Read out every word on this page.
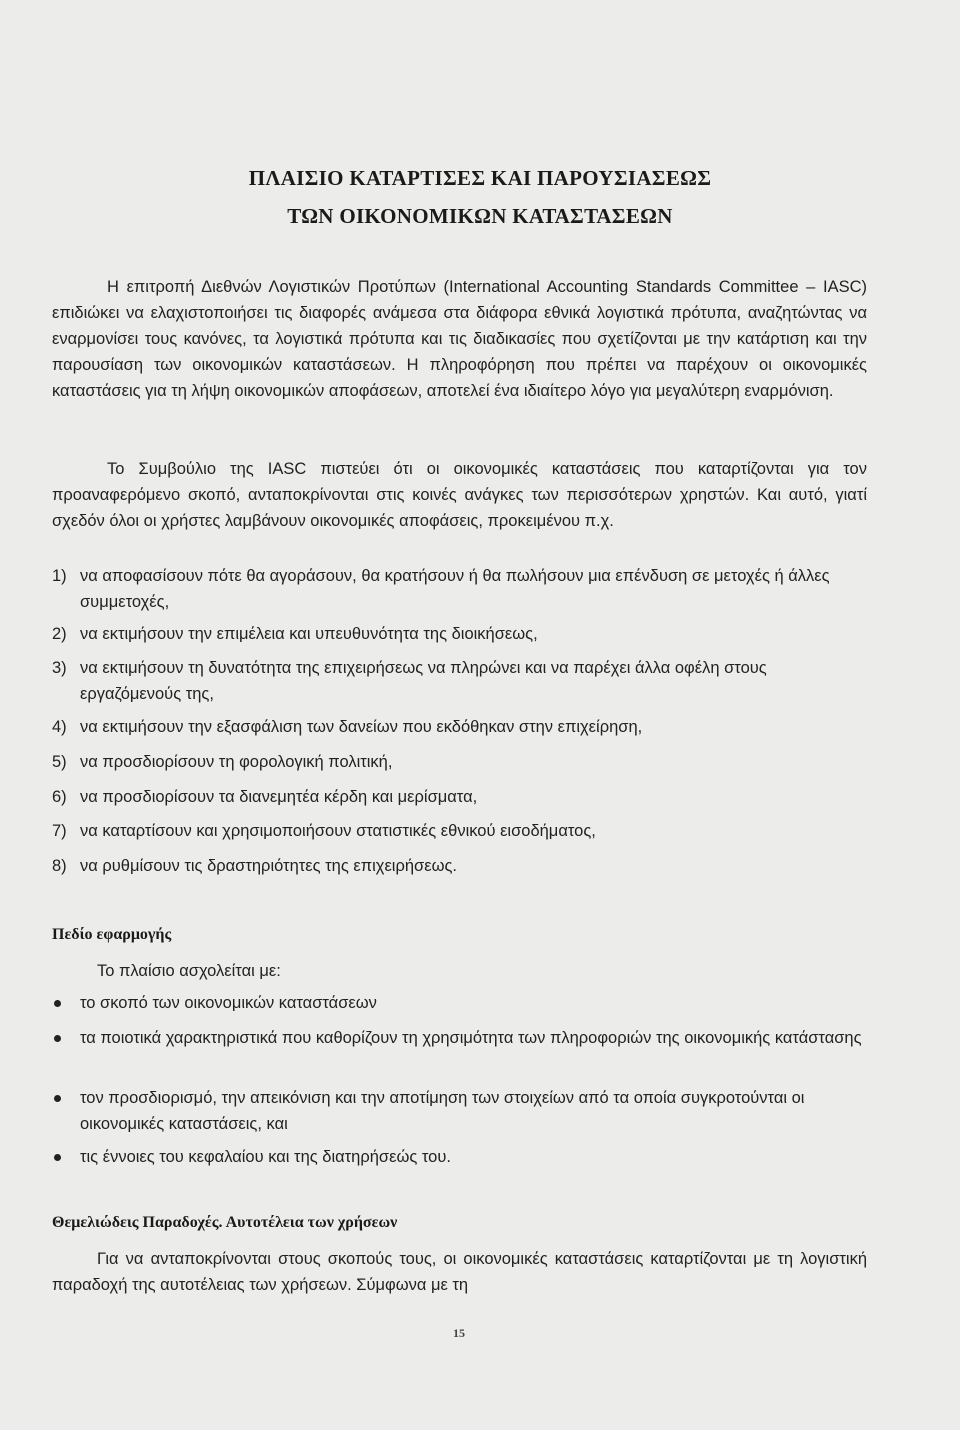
ΠΛΑΙΣΙΟ ΚΑΤΑΡΤΙΣΕΣ ΚΑΙ ΠΑΡΟΥΣΙΑΣΕΩΣ
ΤΩΝ ΟΙΚΟΝΟΜΙΚΩΝ ΚΑΤΑΣΤΑΣΕΩΝ
Η επιτροπή Διεθνών Λογιστικών Προτύπων (International Accounting Standards Committee – IASC) επιδιώκει να ελαχιστοποιήσει τις διαφορές ανάμεσα στα διάφορα εθνικά λογιστικά πρότυπα, αναζητώντας να εναρμονίσει τους κανόνες, τα λογιστικά πρότυπα και τις διαδικασίες που σχετίζονται με την κατάρτιση και την παρουσίαση των οικονομικών καταστάσεων. Η πληροφόρηση που πρέπει να παρέχουν οι οικονομικές καταστάσεις για τη λήψη οικονομικών αποφάσεων, αποτελεί ένα ιδιαίτερο λόγο για μεγαλύτερη εναρμόνιση.
Το Συμβούλιο της IASC πιστεύει ότι οι οικονομικές καταστάσεις που καταρτίζονται για τον προαναφερόμενο σκοπό, ανταποκρίνονται στις κοινές ανάγκες των περισσότερων χρηστών. Και αυτό, γιατί σχεδόν όλοι οι χρήστες λαμβάνουν οικονομικές αποφάσεις, προκειμένου π.χ.
1) να αποφασίσουν πότε θα αγοράσουν, θα κρατήσουν ή θα πωλήσουν μια επένδυση σε μετοχές ή άλλες συμμετοχές,
2) να εκτιμήσουν την επιμέλεια και υπευθυνότητα της διοικήσεως,
3) να εκτιμήσουν τη δυνατότητα της επιχειρήσεως να πληρώνει και να παρέχει άλλα οφέλη στους εργαζόμενούς της,
4) να εκτιμήσουν την εξασφάλιση των δανείων που εκδόθηκαν στην επιχείρηση,
5) να προσδιορίσουν τη φορολογική πολιτική,
6) να προσδιορίσουν τα διανεμητέα κέρδη και μερίσματα,
7) να καταρτίσουν και χρησιμοποιήσουν στατιστικές εθνικού εισοδήματος,
8) να ρυθμίσουν τις δραστηριότητες της επιχειρήσεως.
Πεδίο εφαρμογής
Το πλαίσιο ασχολείται με:
το σκοπό των οικονομικών καταστάσεων
τα ποιοτικά χαρακτηριστικά που καθορίζουν τη χρησιμότητα των πληροφοριών της οικονομικής κατάστασης
τον προσδιορισμό, την απεικόνιση και την αποτίμηση των στοιχείων από τα οποία συγκροτούνται οι οικονομικές καταστάσεις, και
τις έννοιες του κεφαλαίου και της διατηρήσεώς του.
Θεμελιώδεις Παραδοχές. Αυτοτέλεια των χρήσεων
Για να ανταποκρίνονται στους σκοπούς τους, οι οικονομικές καταστάσεις καταρτίζονται με τη λογιστική παραδοχή της αυτοτέλειας των χρήσεων. Σύμφωνα με τη
15
